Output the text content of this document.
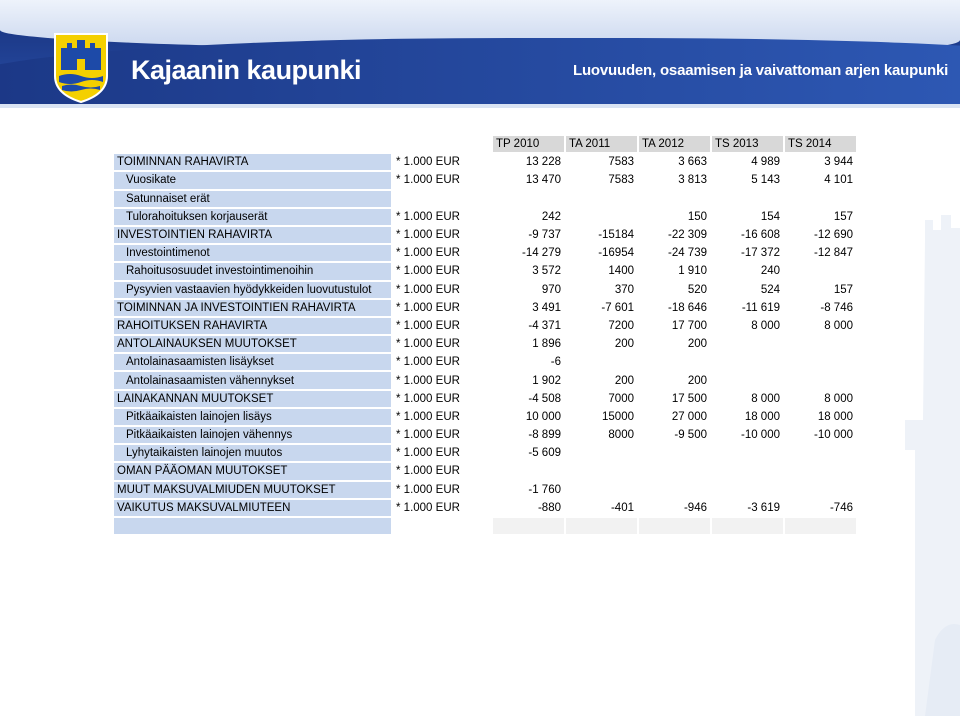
Kajaanin kaupunki	Luovuuden, osaamisen ja vaivattoman arjen kaupunki
		TP 2010	TA 2011	TA 2012	TS 2013	TS 2014
TOIMINNAN RAHAVIRTA	* 1.000 EUR	13 228	7583	3 663	4 989	3 944
Vuosikate	* 1.000 EUR	13 470	7583	3 813	5 143	4 101
Satunnaiset erät						
Tulorahoituksen korjauserät	* 1.000 EUR	242		150	154	157
INVESTOINTIEN RAHAVIRTA	* 1.000 EUR	-9 737	-15184	-22 309	-16 608	-12 690
Investointimenot	* 1.000 EUR	-14 279	-16954	-24 739	-17 372	-12 847
Rahoitusosuudet investointimenoihin	* 1.000 EUR	3 572	1400	1 910	240	
Pysyvien vastaavien hyödykkeiden luovutustulot	* 1.000 EUR	970	370	520	524	157
TOIMINNAN JA INVESTOINTIEN RAHAVIRTA	* 1.000 EUR	3 491	-7 601	-18 646	-11 619	-8 746
RAHOITUKSEN RAHAVIRTA	* 1.000 EUR	-4 371	7200	17 700	8 000	8 000
ANTOLAINAUKSEN MUUTOKSET	* 1.000 EUR	1 896	200	200		
Antolainasaamisten lisäykset	* 1.000 EUR	-6				
Antolainasaamisten vähennykset	* 1.000 EUR	1 902	200	200		
LAINAKANNAN MUUTOKSET	* 1.000 EUR	-4 508	7000	17 500	8 000	8 000
Pitkäaikaisten lainojen lisäys	* 1.000 EUR	10 000	15000	27 000	18 000	18 000
Pitkäaikaisten lainojen vähennys	* 1.000 EUR	-8 899	8000	-9 500	-10 000	-10 000
Lyhytaikaisten lainojen muutos	* 1.000 EUR	-5 609				
OMAN PÄÄOMAN MUUTOKSET	* 1.000 EUR					
MUUT MAKSUVALMIUDEN MUUTOKSET	* 1.000 EUR	-1 760				
VAIKUTUS MAKSUVALMIUTEEN	* 1.000 EUR	-880	-401	-946	-3 619	-746
